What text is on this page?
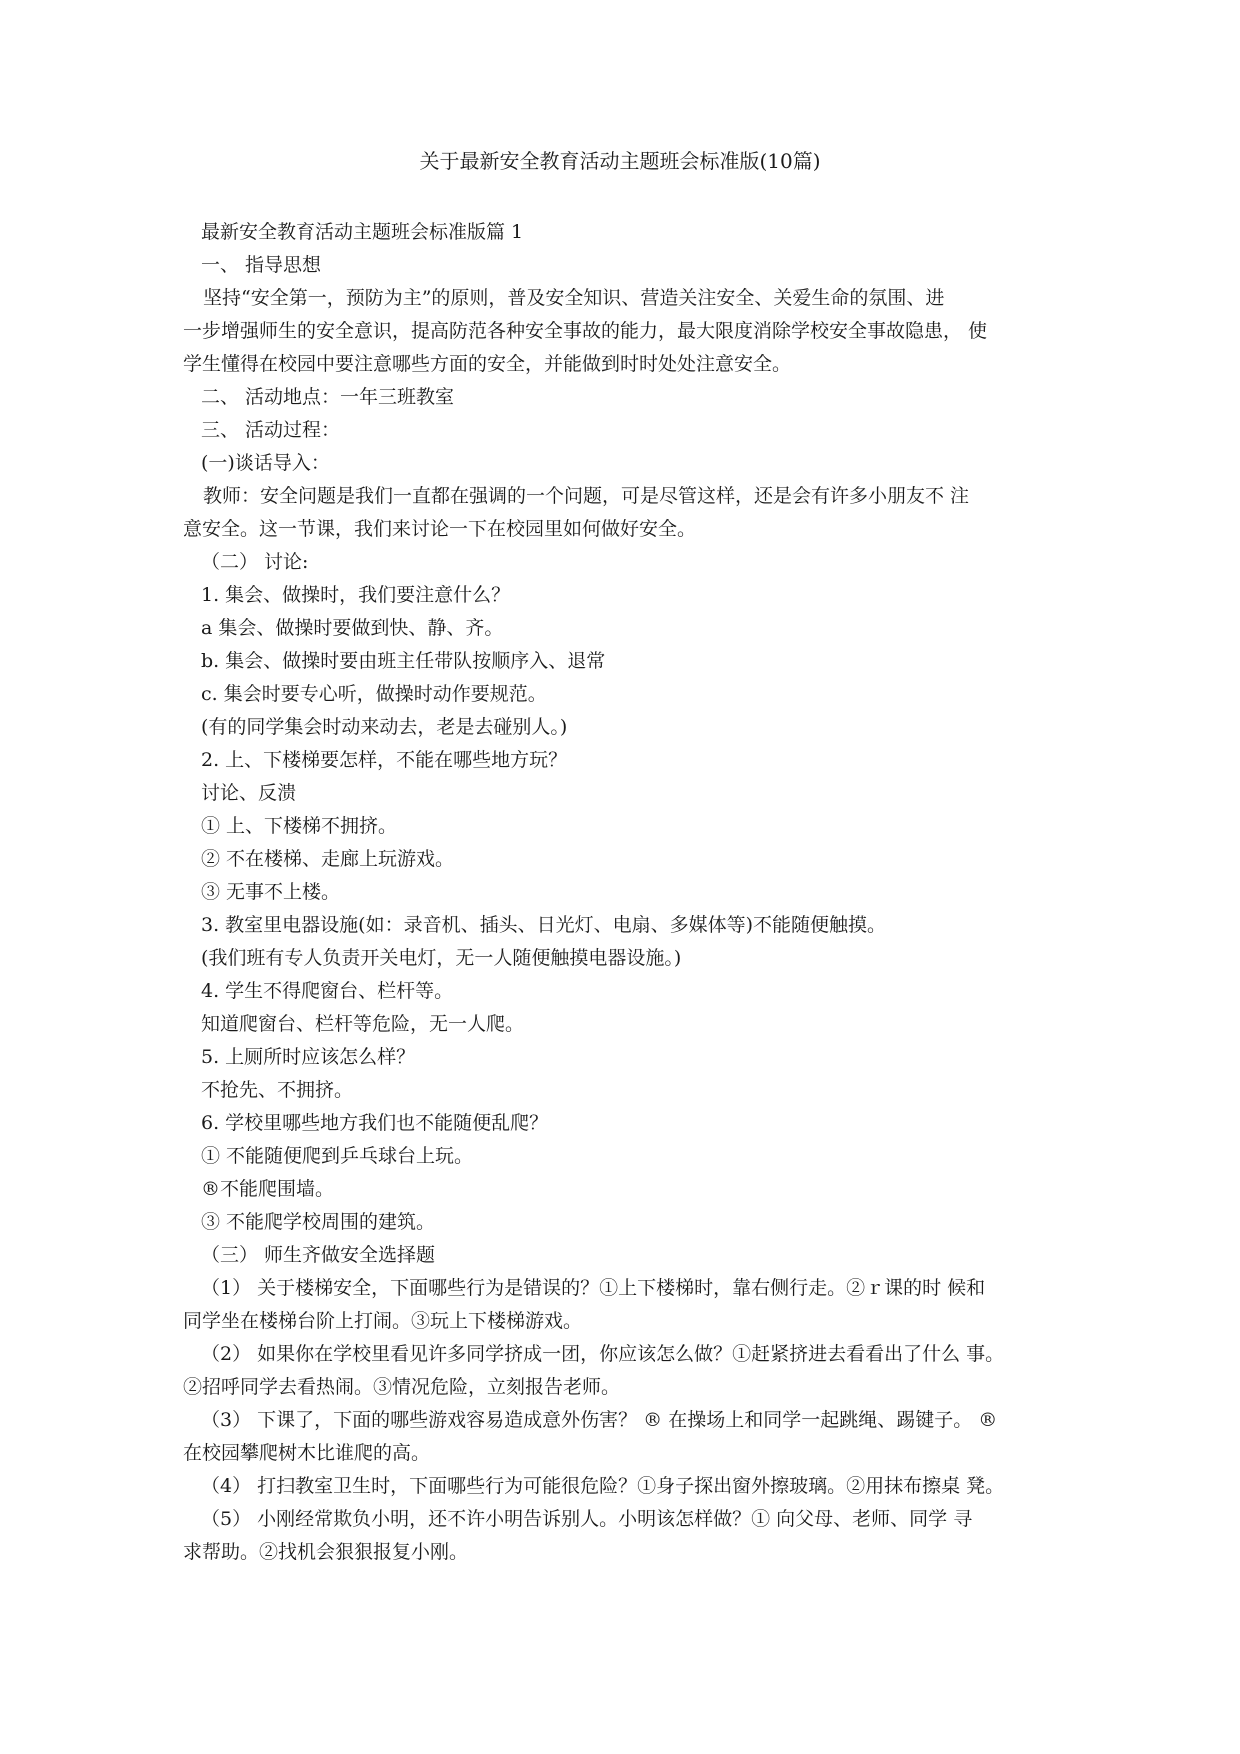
关于最新安全教育活动主题班会标准版(10篇)
最新安全教育活动主题班会标准版篇 1
一、 指导思想
坚持“安全第一，预防为主”的原则，普及安全知识、营造关注安全、关爱生命的氛围、进
一步增强师生的安全意识，提高防范各种安全事故的能力，最大限度消除学校安全事故隐患， 使
学生懂得在校园中要注意哪些方面的安全，并能做到时时处处注意安全。
二、 活动地点：一年三班教室
三、 活动过程：
(一)谈话导入：
教师：安全问题是我们一直都在强调的一个问题，可是尽管这样，还是会有许多小朋友不 注
意安全。这一节课，我们来讨论一下在校园里如何做好安全。
（二） 讨论:
1. 集会、做操时，我们要注意什么？
a 集会、做操时要做到快、静、齐。
b. 集会、做操时要由班主任带队按顺序入、退常
c. 集会时要专心听，做操时动作要规范。
(有的同学集会时动来动去，老是去碰别人。)
2. 上、下楼梯要怎样，不能在哪些地方玩？
讨论、反溃
① 上、下楼梯不拥挤。
② 不在楼梯、走廊上玩游戏。
③ 无事不上楼。
3. 教室里电器设施(如：录音机、插头、日光灯、电扇、多媒体等)不能随便触摸。
(我们班有专人负责开关电灯，无一人随便触摸电器设施。)
4. 学生不得爬窗台、栏杆等。
知道爬窗台、栏杆等危险，无一人爬。
5. 上厕所时应该怎么样？
不抢先、不拥挤。
6. 学校里哪些地方我们也不能随便乱爬？
① 不能随便爬到乒乓球台上玩。
®不能爬围墙。
③ 不能爬学校周围的建筑。
（三） 师生齐做安全选择题
（1） 关于楼梯安全，下面哪些行为是错误的？①上下楼梯时，靠右侧行走。②ｒ课的时 候和
同学坐在楼梯台阶上打闹。③玩上下楼梯游戏。
（2） 如果你在学校里看见许多同学挤成一团，你应该怎么做？①赶紧挤进去看看出了什么 事。
②招呼同学去看热闹。③情况危险，立刻报告老师。
（3） 下课了，下面的哪些游戏容易造成意外伤害？ ® 在操场上和同学一起跳绳、踢键子。 ®
在校园攀爬树木比谁爬的高。
（4） 打扫教室卫生时，下面哪些行为可能很危险？①身子探出窗外擦玻璃。②用抹布擦桌 凳。
（5） 小刚经常欺负小明，还不许小明告诉别人。小明该怎样做？① 向父母、老师、同学 寻
求帮助。②找机会狠狠报复小刚。
